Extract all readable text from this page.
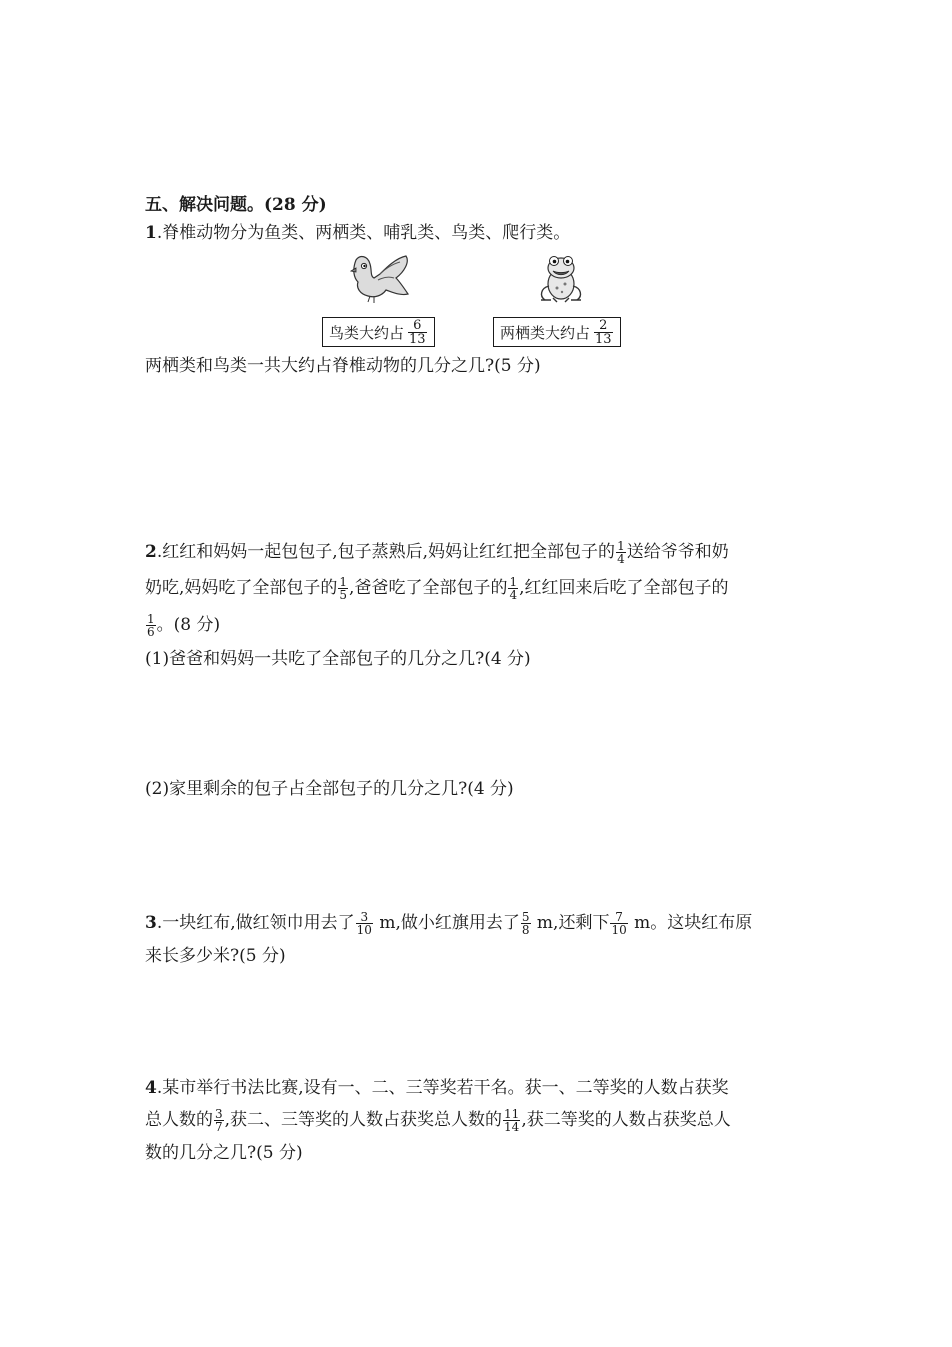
五、解决问题。(28 分)
1.脊椎动物分为鱼类、两栖类、哺乳类、鸟类、爬行类。
鸟类大约占 $\frac{6}{13}$	两栖类大约占 $\frac{2}{13}$
两栖类和鸟类一共大约占脊椎动物的几分之几?(5 分)
2.红红和妈妈一起包包子,包子蒸熟后,妈妈让红红把全部包子的 $\frac{1}{4}$ 送给爷爷和奶
奶吃,妈妈吃了全部包子的 $\frac{1}{5}$ ,爸爸吃了全部包子的 $\frac{1}{4}$ ,红红回来后吃了全部包子的
$\frac{1}{6}$ 。(8 分)
(1)爸爸和妈妈一共吃了全部包子的几分之几?(4 分)
(2)家里剩余的包子占全部包子的几分之几?(4 分)
3.一块红布,做红领巾用去了 $\frac{3}{10} m$,做小红旗用去了 $\frac{5}{8} m$,还剩下 $\frac{7}{10}$ m。这块红布原
来长多少米?(5 分)
4.某市举行书法比赛,设有一、二、三等奖若干名。获一、二等奖的人数占获奖
总人数的 $\frac{3}{7}$ ,获二、三等奖的人数占获奖总人数的 $\frac{11}{14}$ ,获二等奖的人数占获奖总人
数的几分之几?(5 分)
